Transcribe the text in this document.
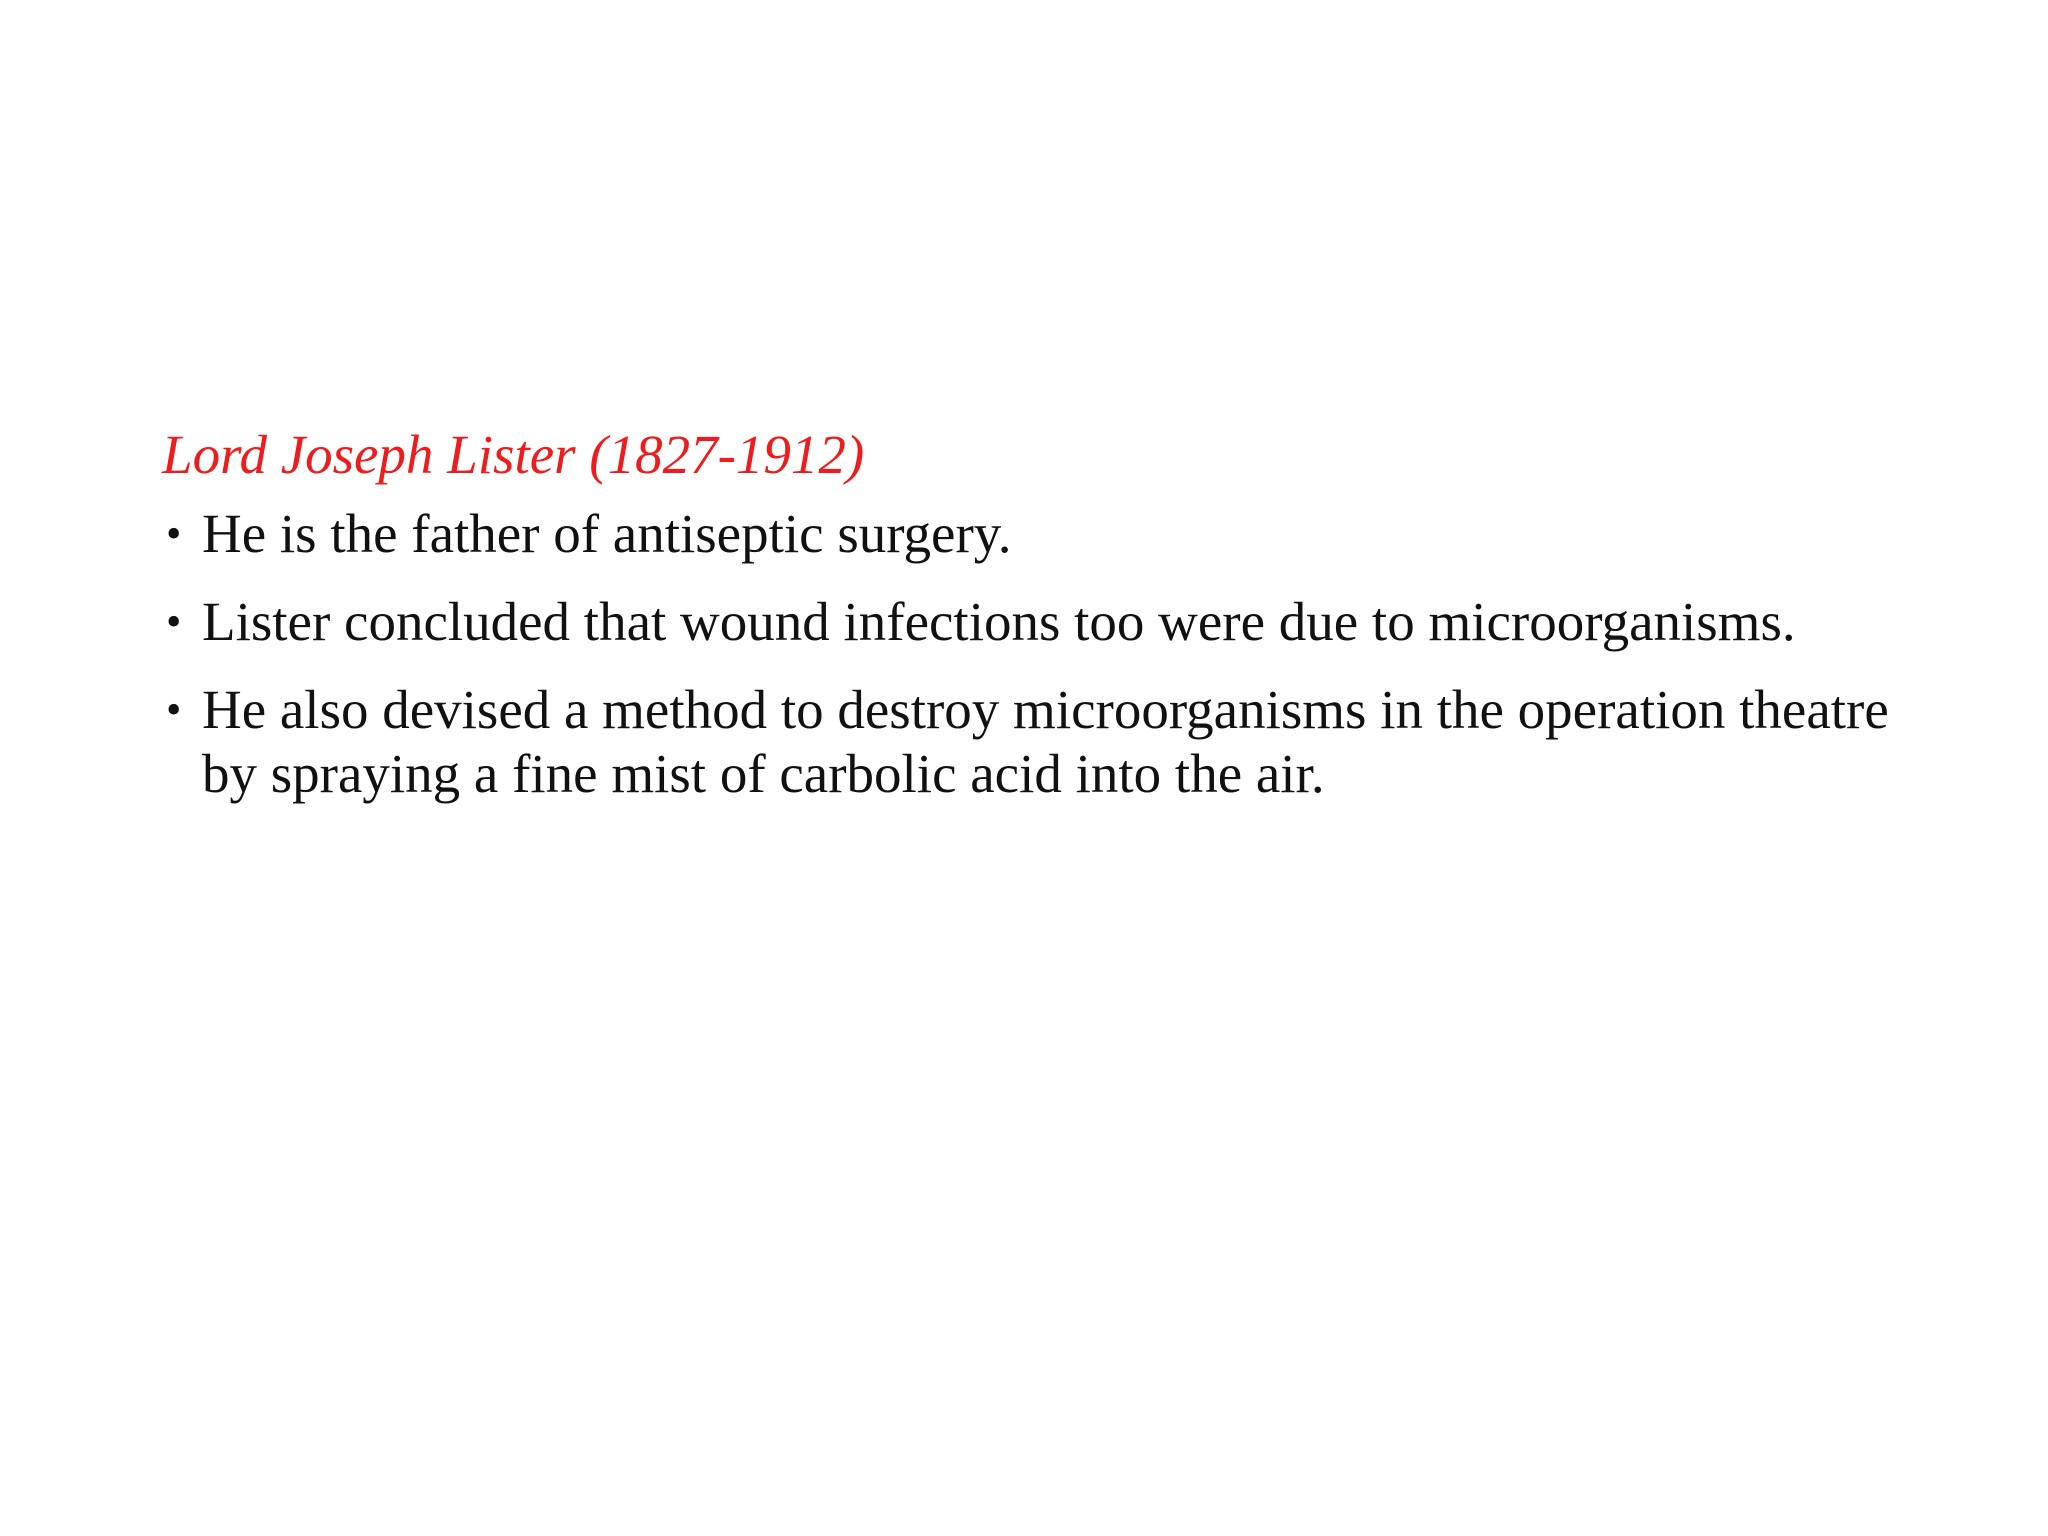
Lord Joseph Lister (1827-1912)
• He is the father of antiseptic surgery.
• Lister concluded that wound infections too were due to microorganisms.
• He also devised a method to destroy microorganisms in the operation theatre by spraying a fine mist of carbolic acid into the air.
